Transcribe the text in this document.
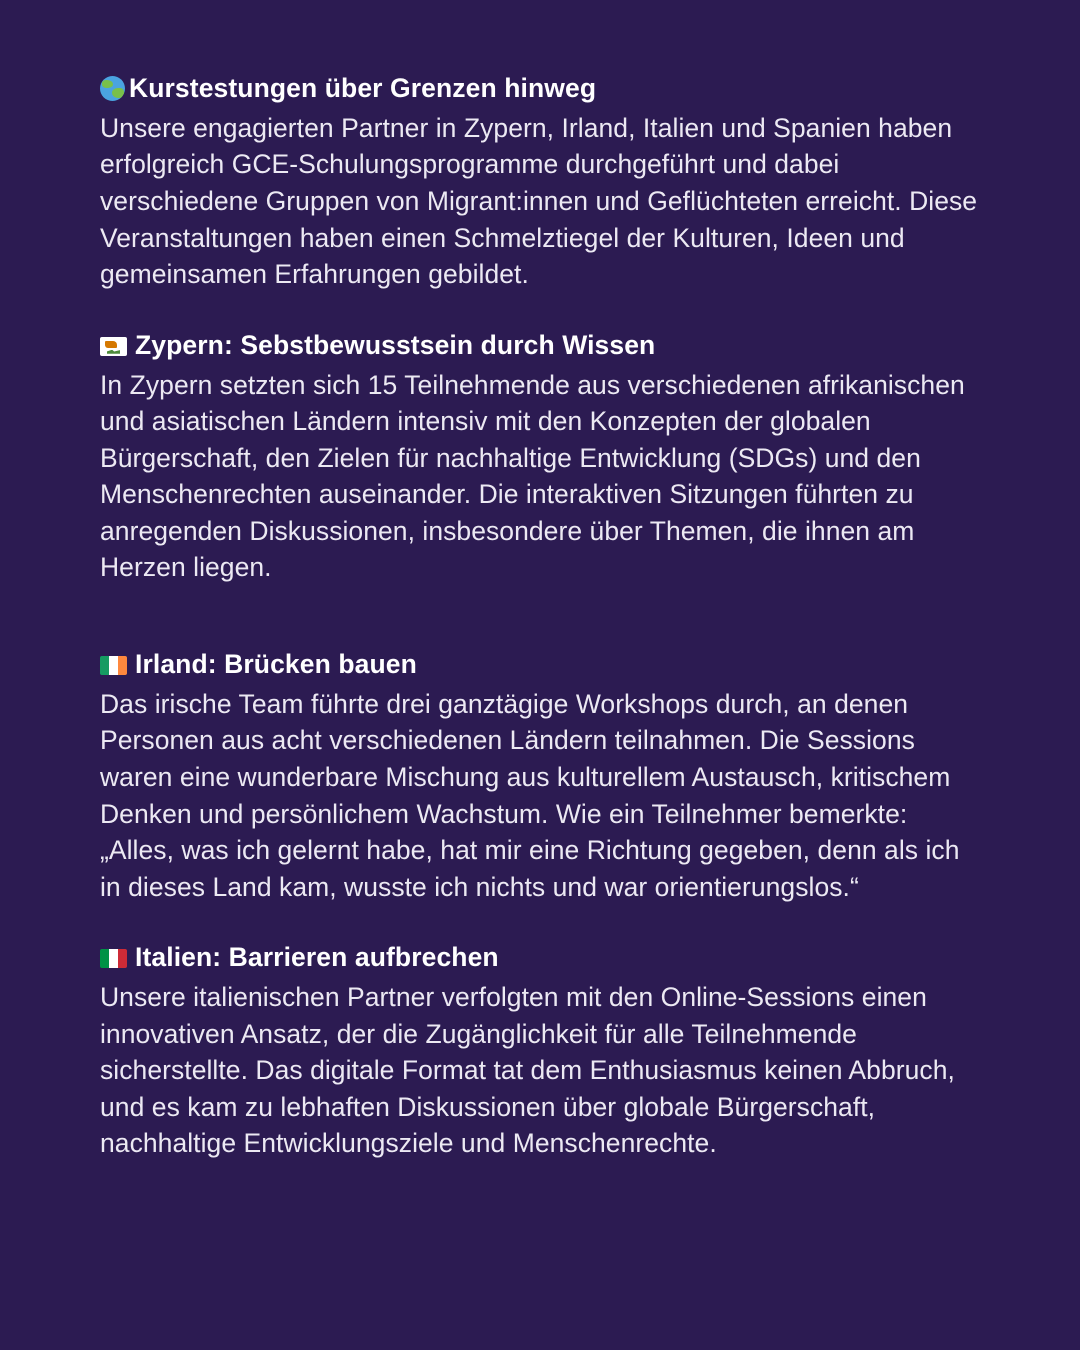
Kurstestungen über Grenzen hinweg

Unsere engagierten Partner in Zypern, Irland, Italien und Spanien haben erfolgreich GCE-Schulungsprogramme durchgeführt und dabei verschiedene Gruppen von Migrant:innen und Geflüchteten erreicht. Diese Veranstaltungen haben einen Schmelztiegel der Kulturen, Ideen und gemeinsamen Erfahrungen gebildet.

Zypern: Sebstbewusstsein durch Wissen

In Zypern setzten sich 15 Teilnehmende aus verschiedenen afrikanischen und asiatischen Ländern intensiv mit den Konzepten der globalen Bürgerschaft, den Zielen für nachhaltige Entwicklung (SDGs) und den Menschenrechten auseinander. Die interaktiven Sitzungen führten zu anregenden Diskussionen, insbesondere über Themen, die ihnen am Herzen liegen.

Irland: Brücken bauen

Das irische Team führte drei ganztägige Workshops durch, an denen Personen aus acht verschiedenen Ländern teilnahmen. Die Sessions waren eine wunderbare Mischung aus kulturellem Austausch, kritischem Denken und persönlichem Wachstum. Wie ein Teilnehmer bemerkte: „Alles, was ich gelernt habe, hat mir eine Richtung gegeben, denn als ich in dieses Land kam, wusste ich nichts und war orientierungslos.“

Italien: Barrieren aufbrechen

Unsere italienischen Partner verfolgten mit den Online-Sessions einen innovativen Ansatz, der die Zugänglichkeit für alle Teilnehmende sicherstellte. Das digitale Format tat dem Enthusiasmus keinen Abbruch, und es kam zu lebhaften Diskussionen über globale Bürgerschaft, nachhaltige Entwicklungsziele und Menschenrechte.
